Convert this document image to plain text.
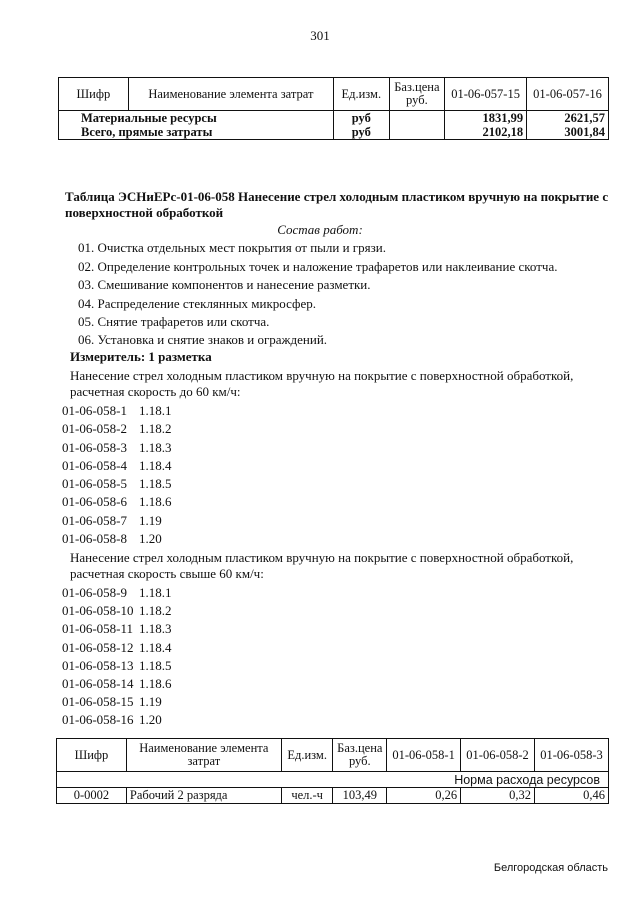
301
Шифр	Наименование элемента затрат	Ед.изм.	Баз.цена руб.	01-06-057-15	01-06-057-16
Материальные ресурсы		руб		1831,99	2621,57
Всего, прямые затраты		руб		2102,18	3001,84
Таблица ЭСНиЕРс-01-06-058 Нанесение стрел холодным пластиком вручную на покрытие с поверхностной обработкой
Состав работ:
01. Очистка отдельных мест покрытия от пыли и грязи.
02. Определение контрольных точек и наложение трафаретов или наклеивание скотча.
03. Смешивание компонентов и нанесение разметки.
04. Распределение стеклянных микросфер.
05. Снятие трафаретов или скотча.
06. Установка и снятие знаков и ограждений.
Измеритель: 1 разметка
Нанесение стрел холодным пластиком вручную на покрытие с поверхностной обработкой, расчетная скорость до 60 км/ч:
01-06-058-1 1.18.1
01-06-058-2 1.18.2
01-06-058-3 1.18.3
01-06-058-4 1.18.4
01-06-058-5 1.18.5
01-06-058-6 1.18.6
01-06-058-7 1.19
01-06-058-8 1.20
Нанесение стрел холодным пластиком вручную на покрытие с поверхностной обработкой, расчетная скорость свыше 60 км/ч:
01-06-058-9 1.18.1
01-06-058-10 1.18.2
01-06-058-11 1.18.3
01-06-058-12 1.18.4
01-06-058-13 1.18.5
01-06-058-14 1.18.6
01-06-058-15 1.19
01-06-058-16 1.20
Шифр	Наименование элемента затрат	Ед.изм.	Баз.цена руб.	01-06-058-1	01-06-058-2	01-06-058-3
Норма расхода ресурсов						
0-0002	Рабочий 2 разряда	чел.-ч	103,49	0,26	0,32	0,46
Белгородская область
